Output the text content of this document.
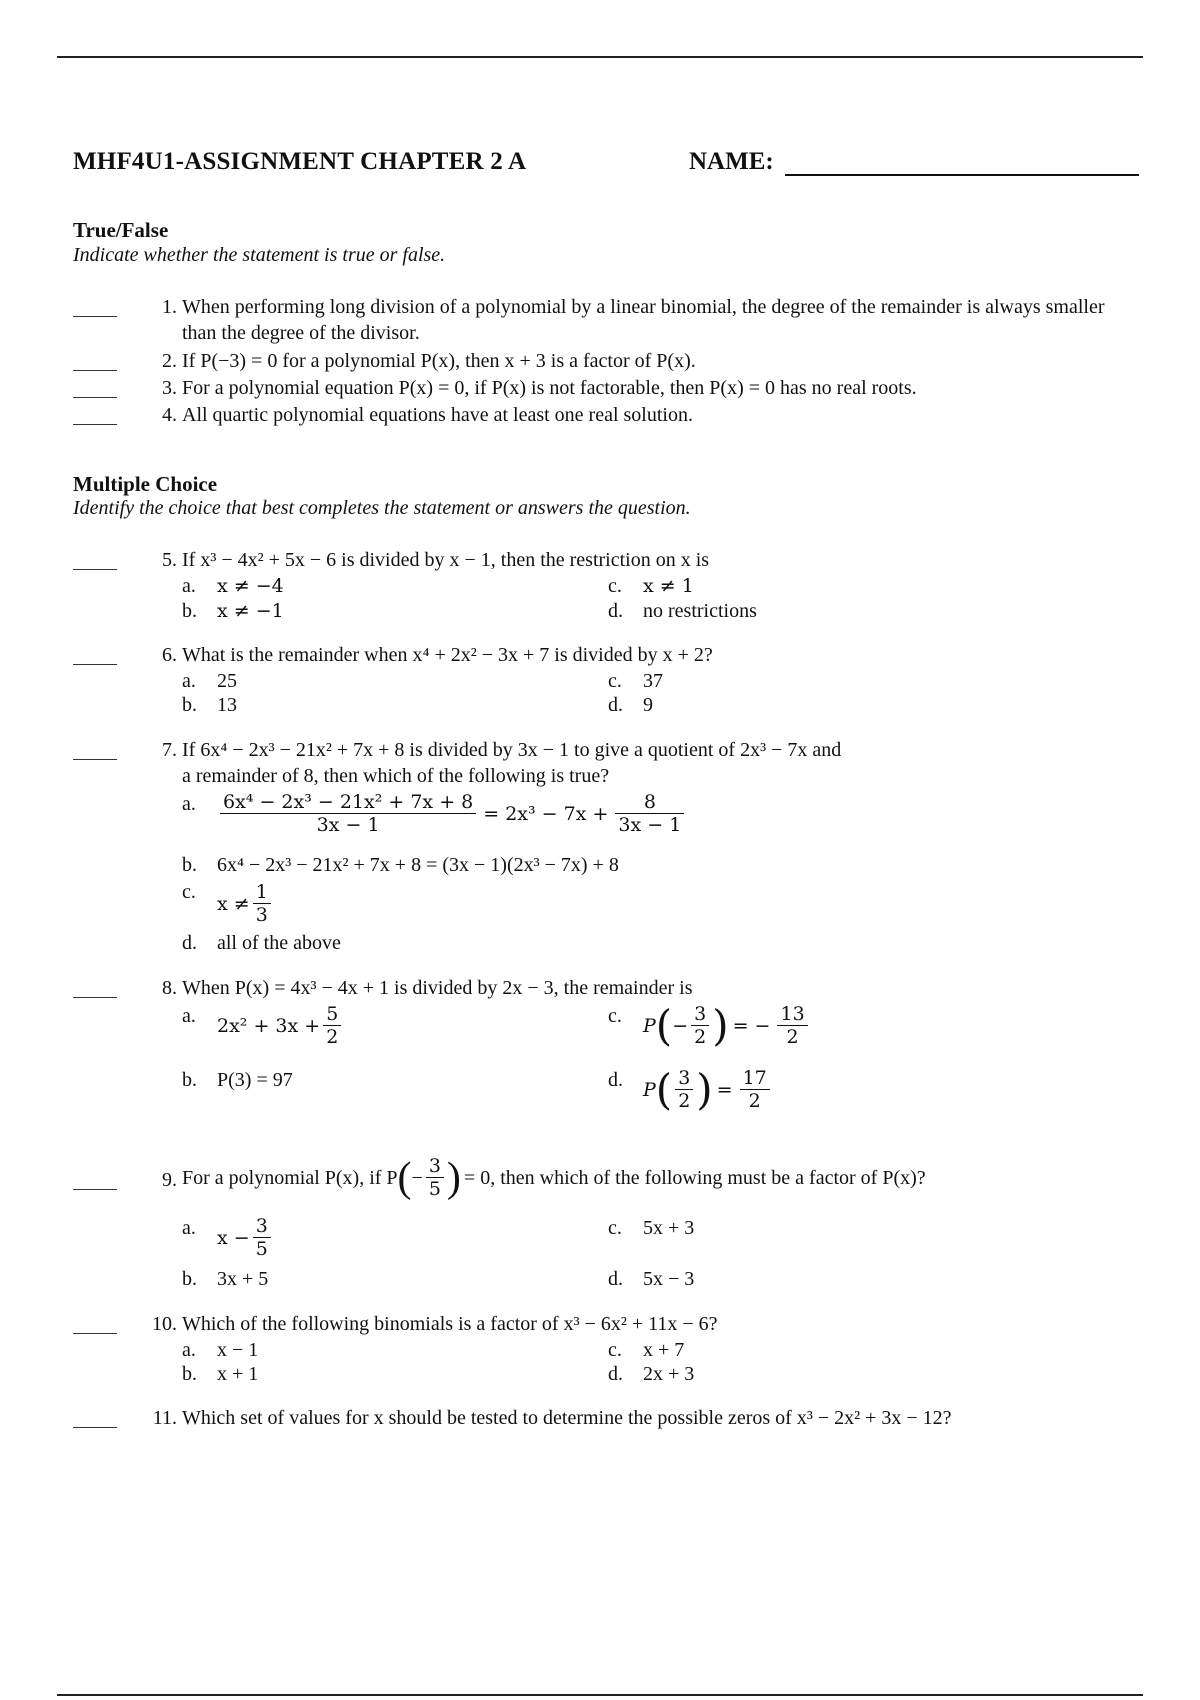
MHF4U1-ASSIGNMENT CHAPTER 2 A	NAME:
True/False
Indicate whether the statement is true or false.
1. When performing long division of a polynomial by a linear binomial, the degree of the remainder is always smaller than the degree of the divisor.
2. If P(−3) = 0 for a polynomial P(x), then x + 3 is a factor of P(x).
3. For a polynomial equation P(x) = 0, if P(x) is not factorable, then P(x) = 0 has no real roots.
4. All quartic polynomial equations have at least one real solution.
Multiple Choice
Identify the choice that best completes the statement or answers the question.
5. If x³ − 4x² + 5x − 6 is divided by x − 1, then the restriction on x is
a. x ≠ −4	c. x ≠ 1
b. x ≠ −1	d. no restrictions
6. What is the remainder when x⁴ + 2x² − 3x + 7 is divided by x + 2?
a. 25	c. 37
b. 13	d. 9
7. If 6x⁴ − 2x³ − 21x² + 7x + 8 is divided by 3x − 1 to give a quotient of 2x³ − 7x and
a remainder of 8, then which of the following is true?
a. $\frac{\text{6x⁴ − 2x³ − 21x² + 7x + 8}}{3x - 1} = 2x^3 - 7x + \frac{8}{3x - 1}$
b. 6x⁴ − 2x³ − 21x² + 7x + 8 = (3x − 1)(2x³ − 7x) + 8
c.
$x \ne \frac{1}{3}$
d. all of the above
8. When P(x) = 4x³ − 4x + 1 is divided by 2x − 3, the remainder is
a. $2x^2 + 3x + \frac{5}{2}$	c. P ( − $\frac{3}{2}$ ) = − $\frac{13}{2}$
b. P(3) = 97	d. P ( $\frac{3}{2}$ ) = $\frac{17}{2}$
9. For a polynomial P(x), if P ( − $\frac{3}{5}$ ) = 0, then which of the following must be a factor of P(x)?
a. $x - \frac{3}{5}$	c. 5x + 3
b. 3x + 5	d. 5x − 3
10. Which of the following binomials is a factor of x³ − 6x² + 11x − 6?
a. x − 1	c. x + 7
b. x + 1	d. 2x + 3
11. Which set of values for x should be tested to determine the possible zeros of x³ − 2x² + 3x − 12?
